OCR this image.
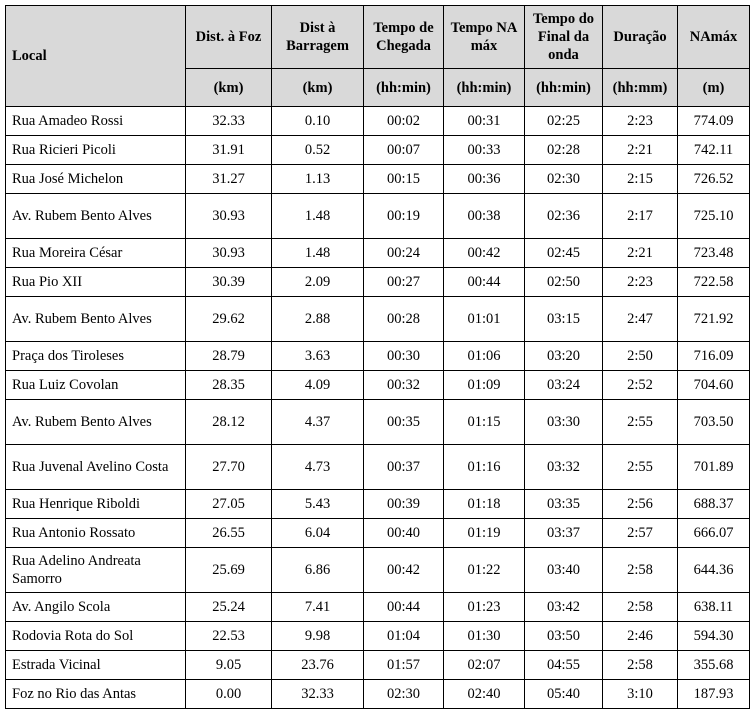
Local	Dist. à Foz	Dist à Barragem	Tempo de Chegada	Tempo NA máx	Tempo do Final da onda	Duração	NAmáx
	(km)	(km)	(hh:min)	(hh:min)	(hh:min)	(hh:mm)	(m)
Rua Amadeo Rossi	32.33	0.10	00:02	00:31	02:25	2:23	774.09
Rua Ricieri Picoli	31.91	0.52	00:07	00:33	02:28	2:21	742.11
Rua José Michelon	31.27	1.13	00:15	00:36	02:30	2:15	726.52
Av. Rubem Bento Alves	30.93	1.48	00:19	00:38	02:36	2:17	725.10
Rua Moreira César	30.93	1.48	00:24	00:42	02:45	2:21	723.48
Rua Pio XII	30.39	2.09	00:27	00:44	02:50	2:23	722.58
Av. Rubem Bento Alves	29.62	2.88	00:28	01:01	03:15	2:47	721.92
Praça dos Tiroleses	28.79	3.63	00:30	01:06	03:20	2:50	716.09
Rua Luiz Covolan	28.35	4.09	00:32	01:09	03:24	2:52	704.60
Av. Rubem Bento Alves	28.12	4.37	00:35	01:15	03:30	2:55	703.50
Rua Juvenal Avelino Costa	27.70	4.73	00:37	01:16	03:32	2:55	701.89
Rua Henrique Riboldi	27.05	5.43	00:39	01:18	03:35	2:56	688.37
Rua Antonio Rossato	26.55	6.04	00:40	01:19	03:37	2:57	666.07
Rua Adelino Andreata Samorro	25.69	6.86	00:42	01:22	03:40	2:58	644.36
Av. Angilo Scola	25.24	7.41	00:44	01:23	03:42	2:58	638.11
Rodovia Rota do Sol	22.53	9.98	01:04	01:30	03:50	2:46	594.30
Estrada Vicinal	9.05	23.76	01:57	02:07	04:55	2:58	355.68
Foz no Rio das Antas	0.00	32.33	02:30	02:40	05:40	3:10	187.93
